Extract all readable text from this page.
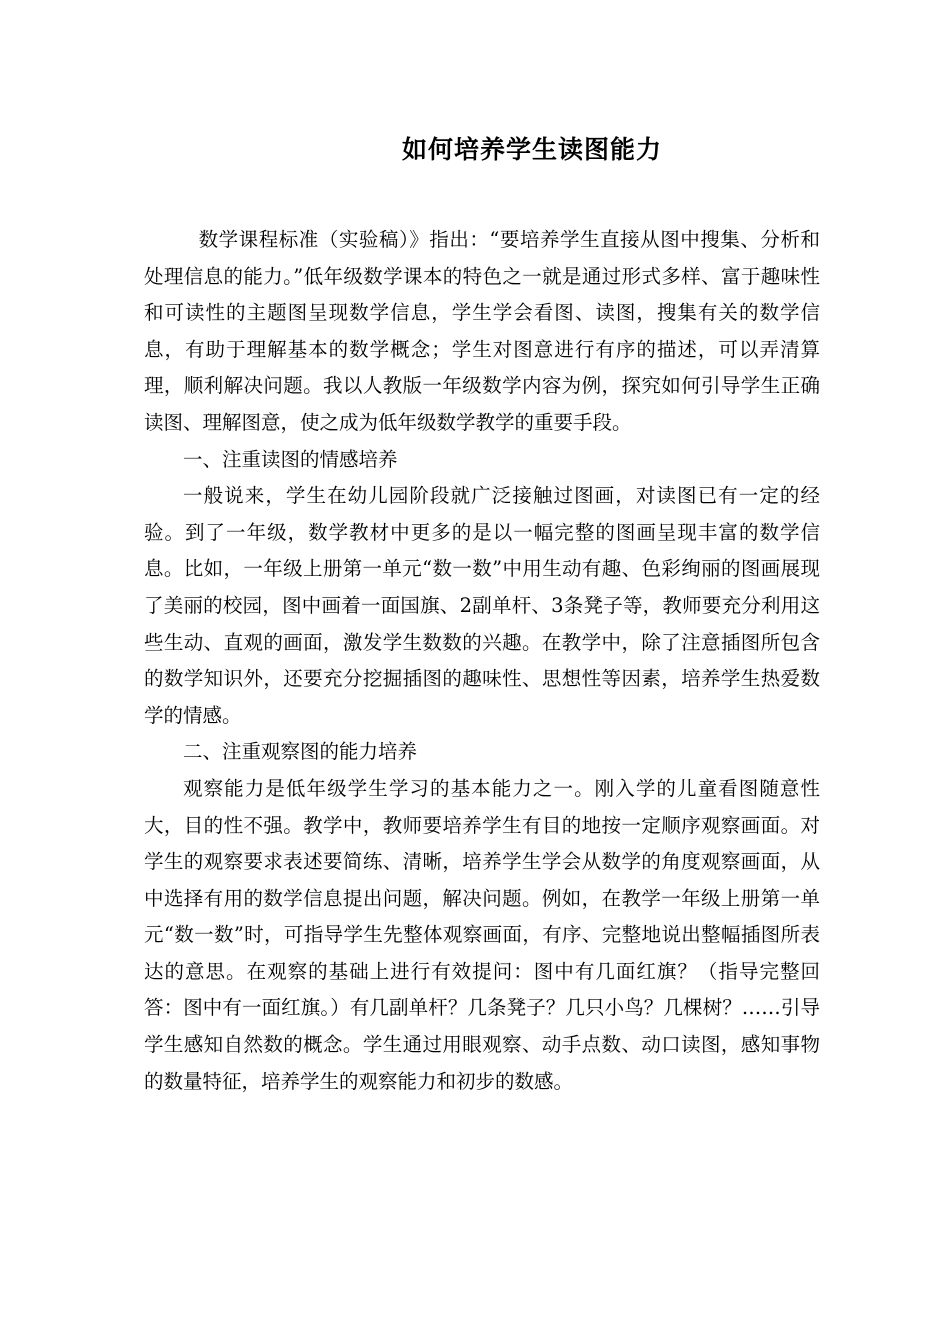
如何培养学生读图能力

数学课程标准（实验稿）》指出：“要培养学生直接从图中搜集、分析和处理信息的能力。”低年级数学课本的特色之一就是通过形式多样、富于趣味性和可读性的主题图呈现数学信息，学生学会看图、读图，搜集有关的数学信息，有助于理解基本的数学概念；学生对图意进行有序的描述，可以弄清算理，顺利解决问题。我以人教版一年级数学内容为例，探究如何引导学生正确读图、理解图意，使之成为低年级数学教学的重要手段。

一、注重读图的情感培养

一般说来，学生在幼儿园阶段就广泛接触过图画，对读图已有一定的经验。到了一年级，数学教材中更多的是以一幅完整的图画呈现丰富的数学信息。比如，一年级上册第一单元“数一数”中用生动有趣、色彩绚丽的图画展现了美丽的校园，图中画着一面国旗、2副单杆、3条凳子等，教师要充分利用这些生动、直观的画面，激发学生数数的兴趣。在教学中，除了注意插图所包含的数学知识外，还要充分挖掘插图的趣味性、思想性等因素，培养学生热爱数学的情感。

二、注重观察图的能力培养

观察能力是低年级学生学习的基本能力之一。刚入学的儿童看图随意性大，目的性不强。教学中，教师要培养学生有目的地按一定顺序观察画面。对学生的观察要求表述要简练、清晰，培养学生学会从数学的角度观察画面，从中选择有用的数学信息提出问题，解决问题。例如，在教学一年级上册第一单元“数一数”时，可指导学生先整体观察画面，有序、完整地说出整幅插图所表达的意思。在观察的基础上进行有效提问：图中有几面红旗？（指导完整回答：图中有一面红旗。）有几副单杆？几条凳子？几只小鸟？几棵树？……引导学生感知自然数的概念。学生通过用眼观察、动手点数、动口读图，感知事物的数量特征，培养学生的观察能力和初步的数感。
